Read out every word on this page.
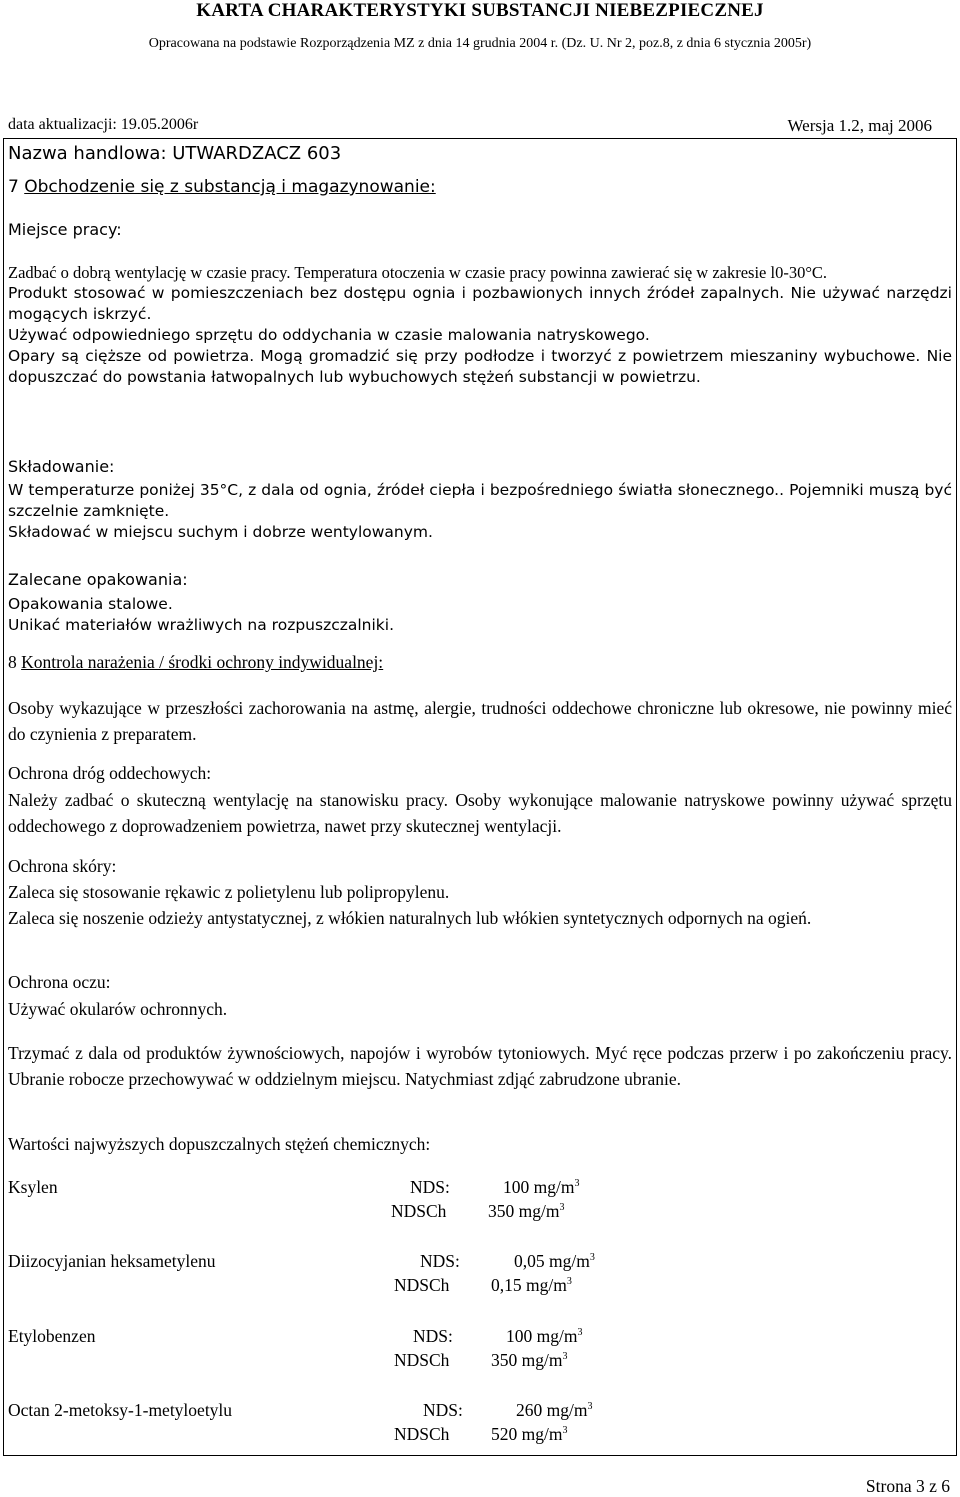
KARTA CHARAKTERYSTYKI SUBSTANCJI NIEBEZPIECZNEJ
Opracowana na podstawie Rozporządzenia MZ z dnia 14 grudnia 2004 r. (Dz. U. Nr 2, poz.8, z dnia 6 stycznia 2005r)
data aktualizacji: 19.05.2006r	Wersja 1.2, maj 2006
Nazwa handlowa: UTWARDZACZ 603
7 Obchodzenie się z substancją i magazynowanie:
Miejsce pracy:
Zadbać o dobrą wentylację w czasie pracy. Temperatura otoczenia w czasie pracy powinna zawierać się w zakresie l0-30°C.
Produkt stosować w pomieszczeniach bez dostępu ognia i pozbawionych innych źródeł zapalnych. Nie używać narzędzi mogących iskrzyć.
Używać odpowiedniego sprzętu do oddychania w czasie malowania natryskowego.
Opary są cięższe od powietrza. Mogą gromadzić się przy podłodze i tworzyć z powietrzem mieszaniny wybuchowe. Nie dopuszczać do powstania łatwopalnych lub wybuchowych stężeń substancji w powietrzu.
Składowanie:
W temperaturze poniżej 35°C, z dala od ognia, źródeł ciepła i bezpośredniego światła słonecznego.. Pojemniki muszą być szczelnie zamknięte.
Składować w miejscu suchym i dobrze wentylowanym.
Zalecane opakowania:
Opakowania stalowe.
Unikać materiałów wrażliwych na rozpuszczalniki.
8 Kontrola narażenia / środki ochrony indywidualnej:
Osoby wykazujące w przeszłości zachorowania na astmę, alergie, trudności oddechowe chroniczne lub okresowe, nie powinny mieć do czynienia z preparatem.
Ochrona dróg oddechowych:
Należy zadbać o skuteczną wentylację na stanowisku pracy. Osoby wykonujące malowanie natryskowe powinny używać sprzętu oddechowego z doprowadzeniem powietrza, nawet przy skutecznej wentylacji.
Ochrona skóry:
Zaleca się stosowanie rękawic z polietylenu lub polipropylenu.
Zaleca się noszenie odzieży antystatycznej, z włókien naturalnych lub włókien syntetycznych odpornych na ogień.
Ochrona oczu:
Używać okularów ochronnych.
Trzymać z dala od produktów żywnościowych, napojów i wyrobów tytoniowych. Myć ręce podczas przerw i po zakończeniu pracy. Ubranie robocze przechowywać w oddzielnym miejscu. Natychmiast zdjąć zabrudzone ubranie.
Wartości najwyższych dopuszczalnych stężeń chemicznych:
Ksylen	NDS:	100 $mg/m^3$
NDSCh 350 $mg/m^3$
Diizocyjanian heksametylenu	NDS:	0,05 $mg/m^3$
NDSCh 0,15 $mg/m^3$
Etylobenzen	NDS:	100 $mg/m^3$
NDSCh 350 $mg/m^3$
Octan 2-metoksy-1-metyloetylu	NDS:	260 $mg/m^3$
NDSCh 520 $mg/m^3$
Strona 3 z 6
